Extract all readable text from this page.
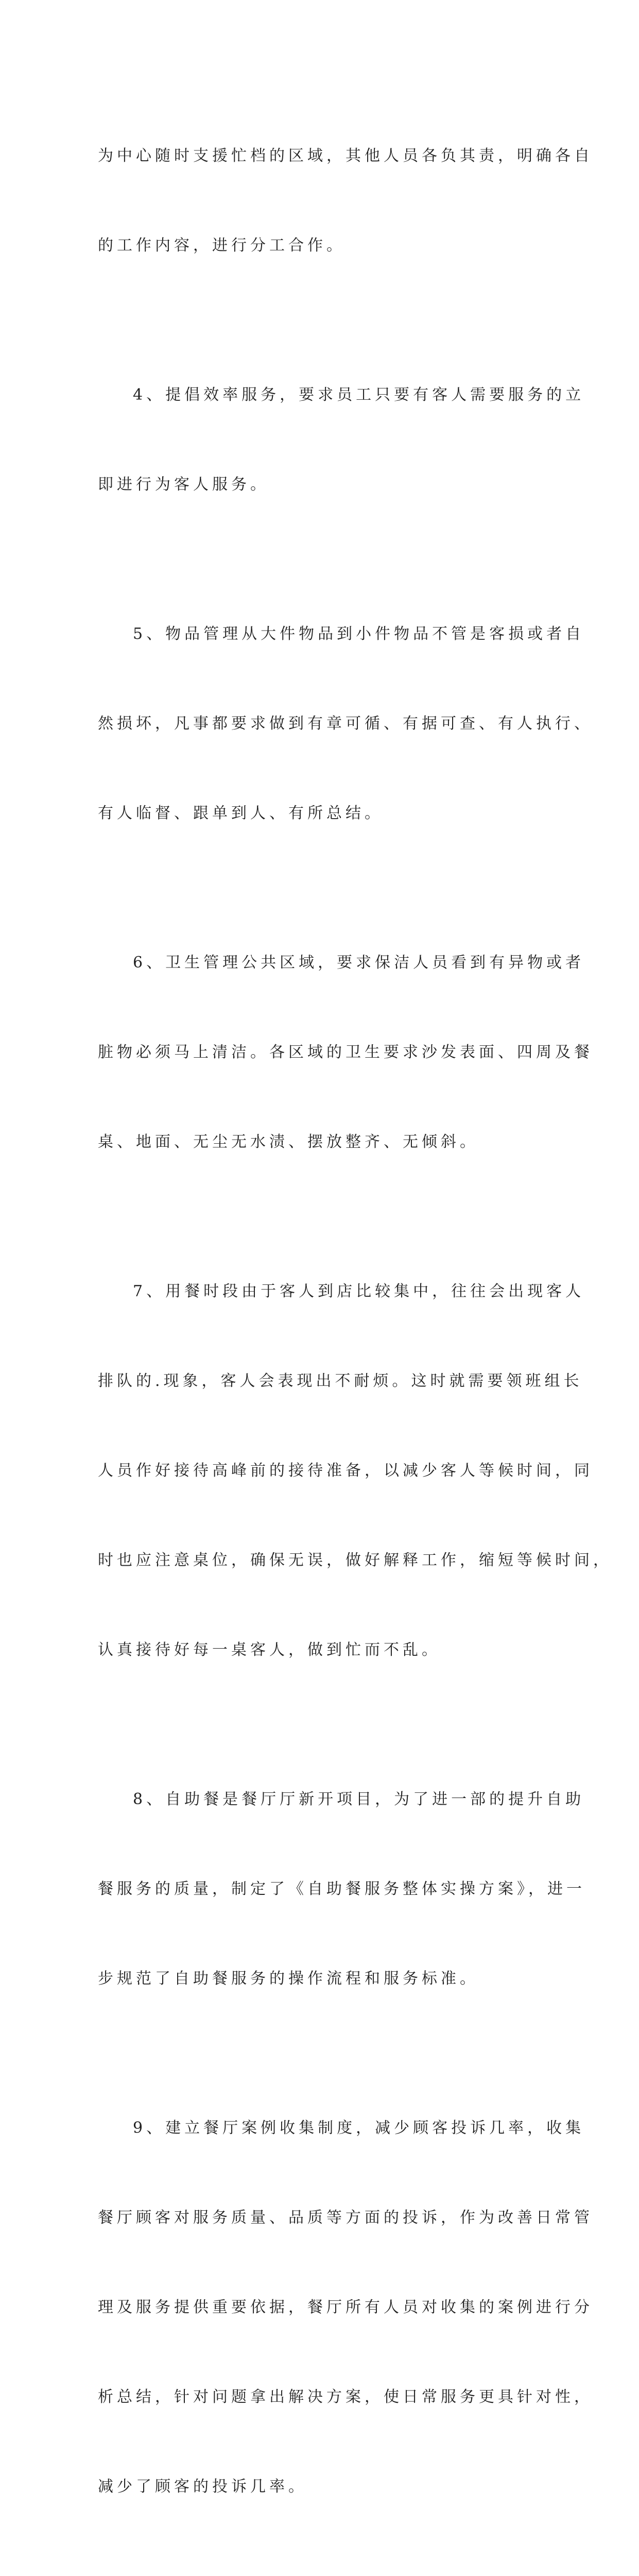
为中心随时支援忙档的区域，其他人员各负其责，明确各自

的工作内容，进行分工合作。

4、提倡效率服务，要求员工只要有客人需要服务的立

即进行为客人服务。

5、物品管理从大件物品到小件物品不管是客损或者自

然损坏，凡事都要求做到有章可循、有据可查、有人执行、

有人临督、跟单到人、有所总结。

6、卫生管理公共区域，要求保洁人员看到有异物或者

脏物必须马上清洁。各区域的卫生要求沙发表面、四周及餐

桌、地面、无尘无水渍、摆放整齐、无倾斜。

7、用餐时段由于客人到店比较集中，往往会出现客人

排队的.现象，客人会表现出不耐烦。这时就需要领班组长

人员作好接待高峰前的接待准备，以减少客人等候时间，同

时也应注意桌位，确保无误，做好解释工作，缩短等候时间，

认真接待好每一桌客人，做到忙而不乱。

8、自助餐是餐厅厅新开项目，为了进一部的提升自助

餐服务的质量，制定了《自助餐服务整体实操方案》，进一

步规范了自助餐服务的操作流程和服务标准。

9、建立餐厅案例收集制度，减少顾客投诉几率，收集

餐厅顾客对服务质量、品质等方面的投诉，作为改善日常管

理及服务提供重要依据，餐厅所有人员对收集的案例进行分

析总结，针对问题拿出解决方案，使日常服务更具针对性，

减少了顾客的投诉几率。
